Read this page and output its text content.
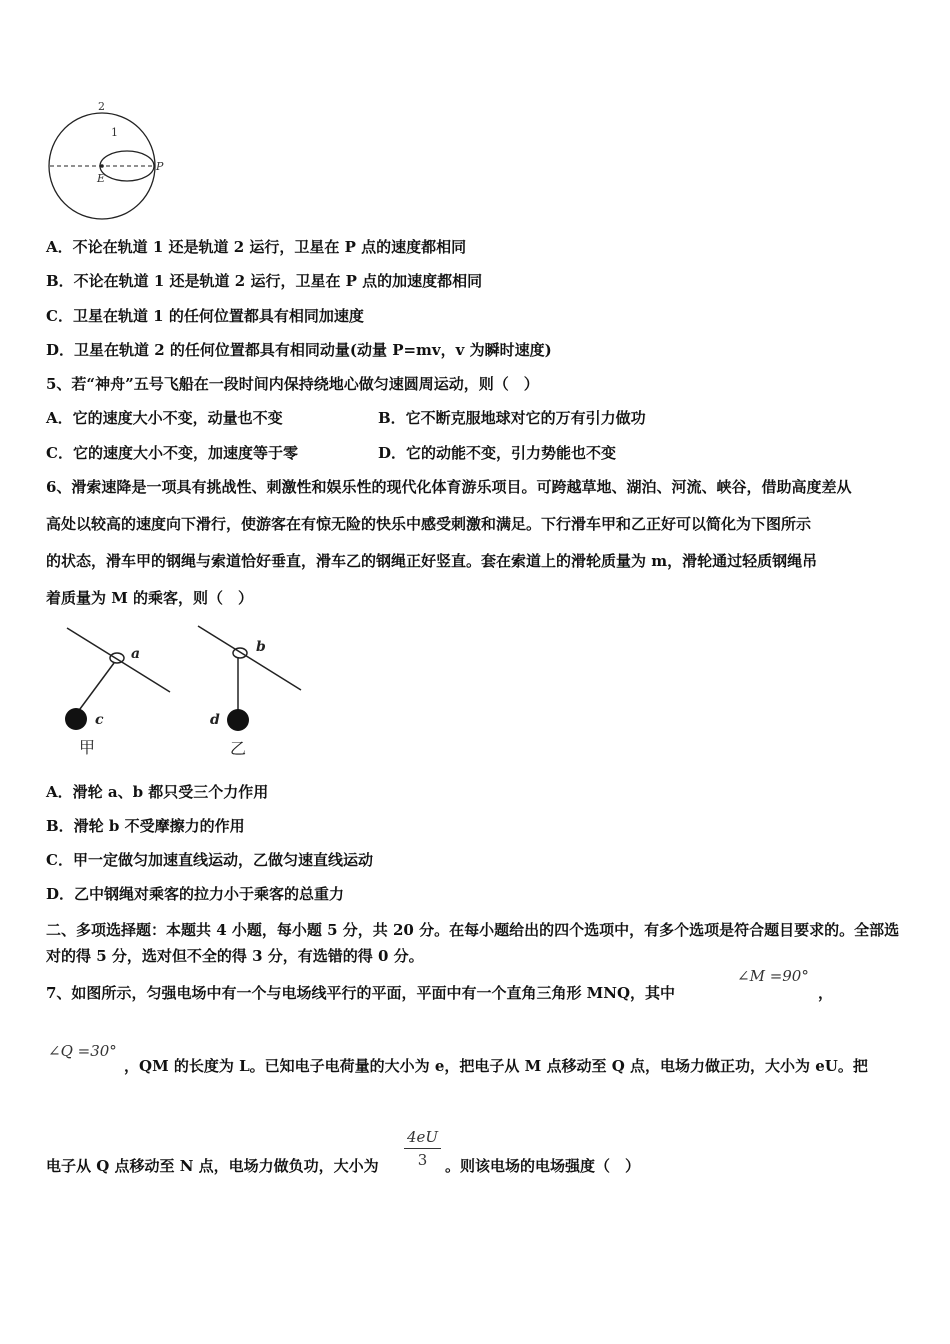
2
1
P
E
A．不论在轨道 1 还是轨道 2 运行，卫星在 P 点的速度都相同
B．不论在轨道 1 还是轨道 2 运行，卫星在 P 点的加速度都相同
C．卫星在轨道 1 的任何位置都具有相同加速度
D．卫星在轨道 2 的任何位置都具有相同动量(动量 P=mv，v 为瞬时速度)
5、若“神舟”五号飞船在一段时间内保持绕地心做匀速圆周运动，则（　）
A．它的速度大小不变，动量也不变	B．它不断克服地球对它的万有引力做功
C．它的速度大小不变，加速度等于零	D．它的动能不变，引力势能也不变
6、滑索速降是一项具有挑战性、刺激性和娱乐性的现代化体育游乐项目。可跨越草地、湖泊、河流、峡谷，借助高度差从
高处以较高的速度向下滑行，使游客在有惊无险的快乐中感受刺激和满足。下行滑车甲和乙正好可以简化为下图所示
的状态，滑车甲的钢绳与索道恰好垂直，滑车乙的钢绳正好竖直。套在索道上的滑轮质量为 m，滑轮通过轻质钢绳吊
着质量为 M 的乘客，则（　）
a
c
甲
b
d
乙
A．滑轮 a、b 都只受三个力作用
B．滑轮 b 不受摩擦力的作用
C．甲一定做匀加速直线运动，乙做匀速直线运动
D．乙中钢绳对乘客的拉力小于乘客的总重力
二、多项选择题：本题共 4 小题，每小题 5 分，共 20 分。在每小题给出的四个选项中，有多个选项是符合题目要求的。全部选对的得 5 分，选对但不全的得 3 分，有选错的得 0 分。
7、如图所示，匀强电场中有一个与电场线平行的平面，平面中有一个直角三角形 MNQ，其中
∠M =90°
，
∠Q =30°
，QM 的长度为 L。已知电子电荷量的大小为 e，把电子从 M 点移动至 Q 点，电场力做正功，大小为 eU。把
电子从 Q 点移动至 N 点，电场力做负功，大小为 $\frac{4eU}{3}$ 。则该电场的电场强度（　）
